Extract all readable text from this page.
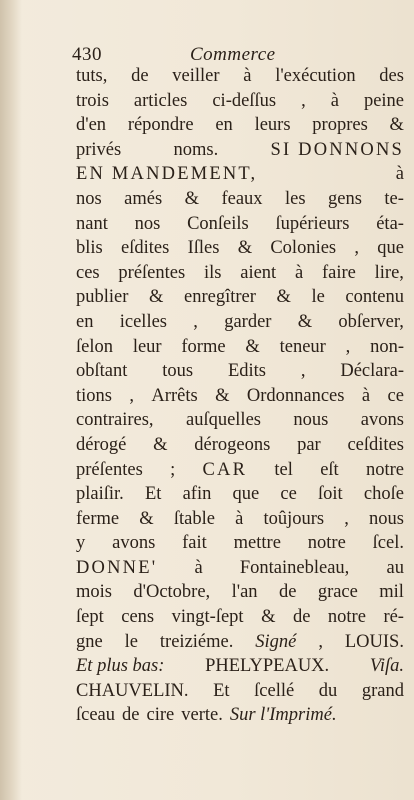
430	Commerce
tuts, de veiller à l'exécution des
trois articles ci-deſſus , à peine
d'en répondre en leurs propres &
privés	noms.	SI DONNONS
EN MANDEMENT,	à
nos amés & feaux les gens te-
nant nos Conſeils ſupérieurs éta-
blis eſdites Iſles & Colonies , que
ces préſentes ils aient à faire lire,
publier & enregîtrer & le contenu
en icelles , garder & obſerver,
ſelon leur forme & teneur , non-
obſtant tous Edits , Déclara-
tions , Arrêts & Ordonnances à ce
contraires, auſquelles nous avons
dérogé & dérogeons par ceſdites
préſentes ; CAR tel eſt notre
plaiſir. Et afin que ce ſoit choſe
ferme & ſtable à toûjours , nous
y avons fait mettre notre ſcel.
DONNE' à Fontainebleau, au
mois d'Octobre, l'an de grace mil
ſept cens vingt-ſept & de notre ré-
gne le treiziéme. Signé , LOUIS.
Et plus bas: PHELYPEAUX. Viſa.
CHAUVELIN. Et ſcellé du grand
ſceau de cire verte. Sur l'Imprimé.
